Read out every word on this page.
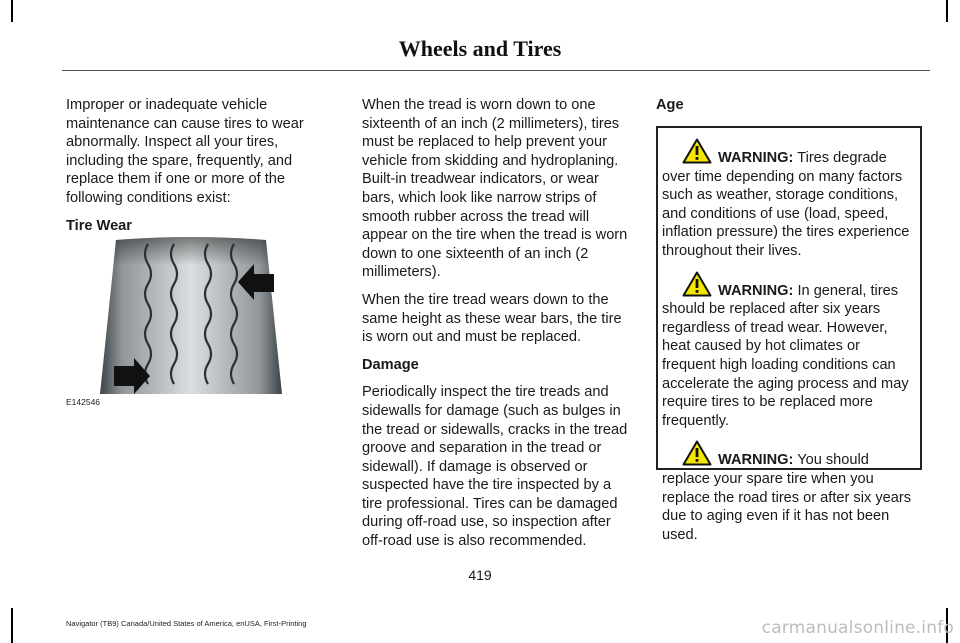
Wheels and Tires

Improper or inadequate vehicle maintenance can cause tires to wear abnormally. Inspect all your tires, including the spare, frequently, and replace them if one or more of the following conditions exist:

Tire Wear

E142546

When the tread is worn down to one sixteenth of an inch (2 millimeters), tires must be replaced to help prevent your vehicle from skidding and hydroplaning. Built-in treadwear indicators, or wear bars, which look like narrow strips of smooth rubber across the tread will appear on the tire when the tread is worn down to one sixteenth of an inch (2 millimeters).

When the tire tread wears down to the same height as these wear bars, the tire is worn out and must be replaced.

Damage

Periodically inspect the tire treads and sidewalls for damage (such as bulges in the tread or sidewalls, cracks in the tread groove and separation in the tread or sidewall). If damage is observed or suspected have the tire inspected by a tire professional. Tires can be damaged during off-road use, so inspection after off-road use is also recommended.

Age

WARNING: Tires degrade over time depending on many factors such as weather, storage conditions, and conditions of use (load, speed, inflation pressure) the tires experience throughout their lives.

WARNING: In general, tires should be replaced after six years regardless of tread wear. However, heat caused by hot climates or frequent high loading conditions can accelerate the aging process and may require tires to be replaced more frequently.

WARNING: You should replace your spare tire when you replace the road tires or after six years due to aging even if it has not been used.

419
Navigator (TB9) Canada/United States of America, enUSA, First-Printing	carmanualsonline.info
